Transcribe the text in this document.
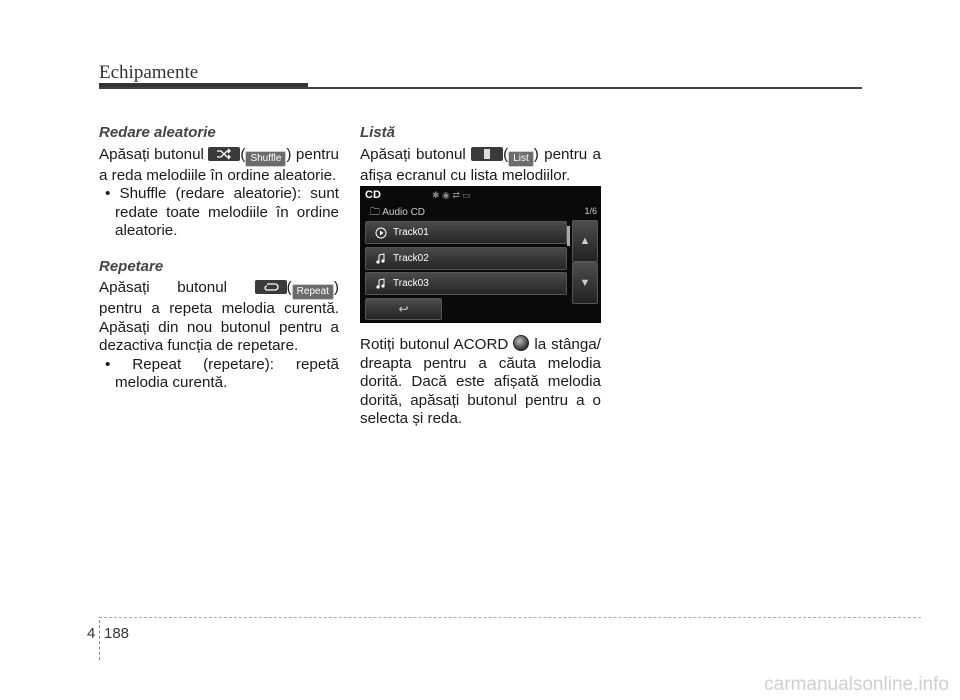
Echipamente
Redare aleatorie

Apăsați butonul ( Shuffle ) pentru a reda melodiile în ordine aleatorie.

• Shuffle (redare aleatorie): sunt redate toate melodiile în ordine aleatorie.

Repetare

Apăsați butonul	( Repeat ) pentru a repeta melodia curentă. Apăsați din nou butonul pentru a dezactiva funcția de repetare.

• Repeat (repetare): repetă melodia curentă.

Listă

Apăsați butonul ( List ) pentru a afișa ecranul cu lista melodiilor.

CD	✱ ◉ ⇄ ▭
🗀 Audio CD	1/6
Track01
Track02
Track03
▲
▼
↩

Rotiți butonul ACORD la stânga/ dreapta pentru a căuta melodia dorită. Dacă este afișată melodia dorită, apăsați butonul pentru a o selecta și reda.

4 188
carmanualsonline.info
